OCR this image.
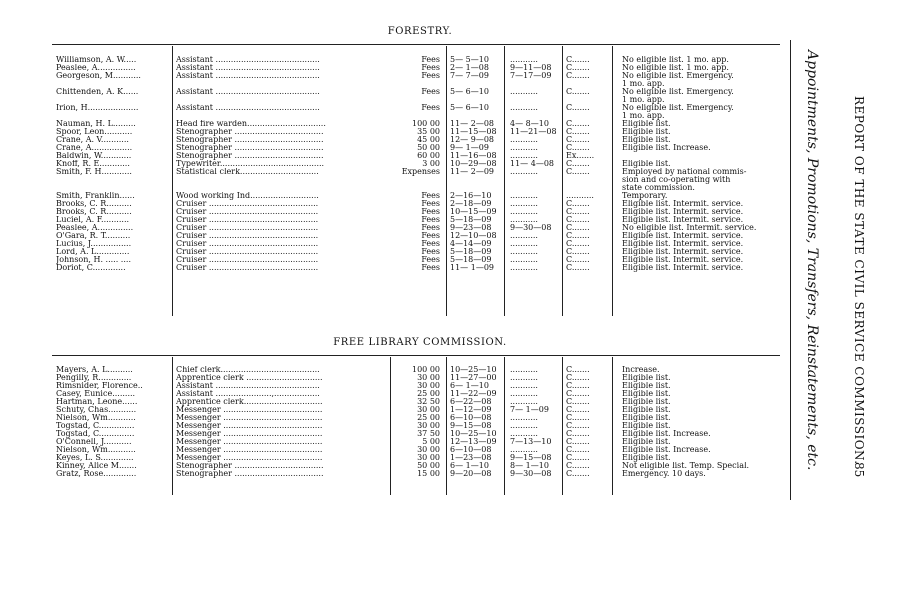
FORESTRY.
Williamson, A. W.....	Assistant .........................................	Fees 5— 5—10	...........	C.......	No eligible list. 1 mo. app.
Peaslee, A...............	Assistant .........................................	Fees 2— 1—08	9—11—08	C.......	No eligible list. 1 mo. app.
Georgeson, M...........	Assistant .........................................	Fees 7— 7—09	7—17—09	C.......	No eligible list. Emergency.
1 mo. app.
Chittenden, A. K......	Assistant .........................................	Fees 5— 6—10	...........	C.......	No eligible list. Emergency.
1 mo. app.
Irion, H....................	Assistant .........................................	Fees 5— 6—10	...........	C.......	No eligible list. Emergency.
1 mo. app.
Nauman, H. L.........	Head fire warden...............................	100 00 11— 2—08	4— 8—10	C.......	Eligible list.
Spoor, Leon...........	Stenographer ...................................	35 00 11—15—08	11—21—08	C.......	Eligible list.
Crane, A. V...........	Stenographer ...................................	45 00 12— 9—08	...........	C.......	Eligible list.
Crane, A................	Stenographer ...................................	50 00 9— 1—09	...........	C.......	Eligible list. Increase.
Baldwin, W............	Stenographer ...................................	60 00 11—16—08	...........	Ex.......
Knoff, R. E............	Typewriter.........................................	3 00 10—29—08	11— 4—08	C.......	Eligible list.
Smith, F. H............	Statistical clerk...............................	Expenses 11— 2—09	...........	C.......	Employed by national commis-
sion and co-operating with
state commission.
Smith, Franklin......	Wood working Ind...........................	Fees 2—16—10	...........	...........	Temporary.
Brooks, C. R..........	Cruiser ...........................................	Fees 2—18—09	...........	C.......	Eligible list. Intermit. service.
Brooks, C. R..........	Cruiser ...........................................	Fees 10—15—09	...........	C.......	Eligible list. Intermit. service.
Luciel, A. F...........	Cruiser ...........................................	Fees 5—18—09	...........	C.......	Eligible list. Intermit. service.
Peaslee, A..............	Cruiser ...........................................	Fees 9—23—08	9—30—08	C.......	No eligible list. Intermit. service.
O'Gara, R. T..........	Cruiser ...........................................	Fees 12—10—08	...........	C.......	Eligible list. Intermit. service.
Lucius, J................	Cruiser ...........................................	Fees 4—14—09	...........	C.......	Eligible list. Intermit. service.
Lord, A. L.............	Cruiser ...........................................	Fees 5—18—09	...........	C.......	Eligible list. Intermit. service.
Johnson, H. ..... ....	Cruiser ...........................................	Fees 5—18—09	...........	C.......	Eligible list. Intermit. service.
Doriot, C.............	Cruiser ...........................................	Fees 11— 1—09	...........	C.......	Eligible list. Intermit. service.
FREE LIBRARY COMMISSION.
Mayers, A. L..........	Chief clerk.......................................	100 00 10—25—10	...........	C.......	Increase.
Pengilly, R.............	Apprentice clerk ..............................	30 00 11—27—00	...........	C.......	Eligible list.
Rimsnider, Florence..	Assistant .........................................	30 00 6— 1—10	...........	C.......	Eligible list.
Casey, Eunice.........	Assistant ......................,..................	25 00 11—22—09	...........	C.......	Eligible list.
Hartman, Leone......	Apprentice clerk...............................	32 50 6—22—08	...........	C.......	Eligible list.
Schuty, Chas...........	Messenger .......................................	30 00 1—12—09	7— 1—09	C.......	Eligible list.
Nielson, Wm...........	Messenger .......................................	25 00 6—10—08	...........	C.......	Eligible list.
Togstad, C..............	Messenger .......................................	30 00 9—15—08	...........	C.......	Eligible list.
Togstad, C..............	Messenger .......................................	37 50 10—25—10	...........	C.......	Eligible list. Increase.
O'Connell, J...........	Messenger .......................................	5 00 12—13—09	7—13—10	C.......	Eligible list.
Nielson, Wm...........	Messenger .......................................	30 00 6—10—08	...........	C.......	Eligible list. Increase.
Keyes, L. S.............	Messenger .......................................	30 00 1—23—08	9—15—08	C.......	Eligible list.
Kinney, Alice M.......	Stenographer ...................................	50 00 6— 1—10	8— 1—10	C.......	Not eligible list. Temp. Special.
Gratz, Rose.............	Stenographer ...................................	15 00 9—20—08	9—30—08	C.......	Emergency. 10 days.
Appointments, Promotions, Transfers, Reinstatements, etc.	REPORT OF THE STATE CIVIL SERVICE COMMISSION.
85
